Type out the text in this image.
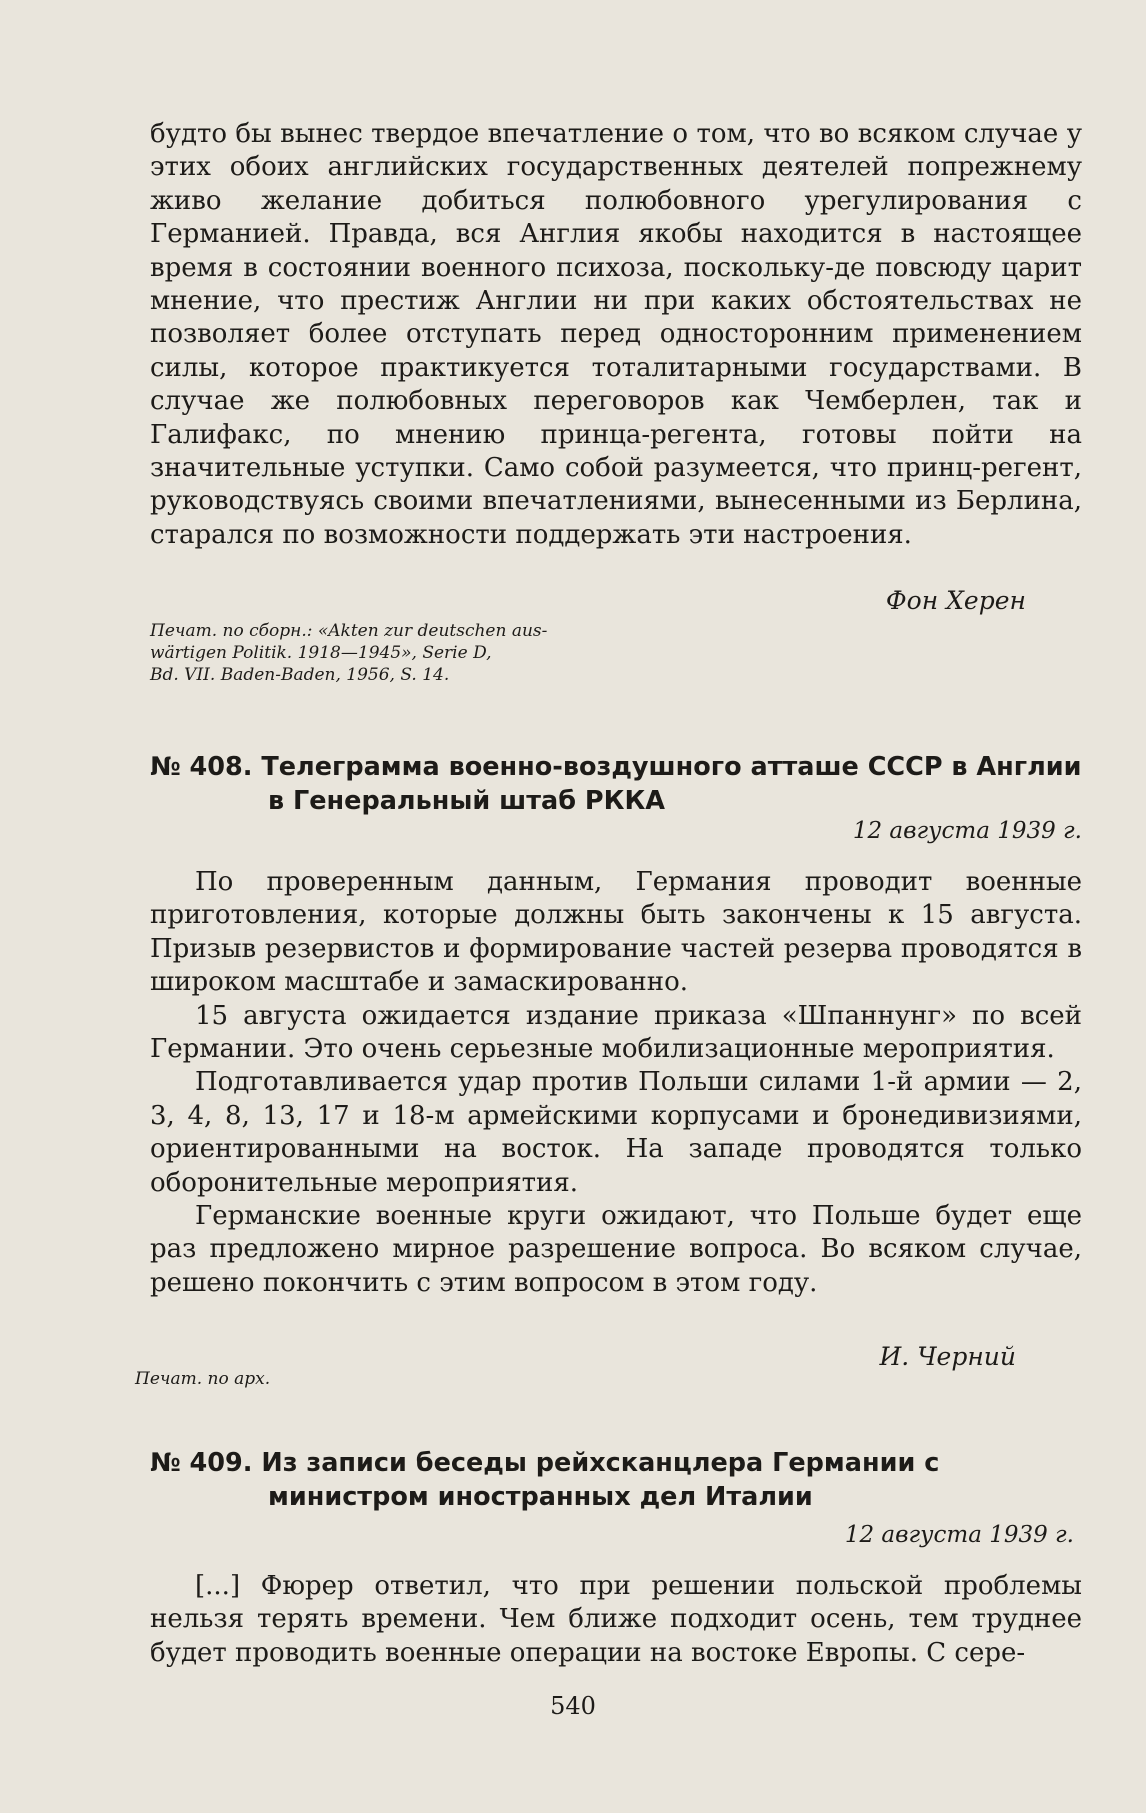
будто бы вынес твердое впечатление о том, что во всяком случае у этих обоих английских государственных деятелей попрежнему живо желание добиться полюбовного урегулирования с Германией. Правда, вся Англия якобы находится в настоящее время в состоянии военного психоза, поскольку-де повсюду царит мнение, что престиж Англии ни при каких обстоятельствах не позволяет более отступать перед односторонним применением силы, которое практикуется тоталитарными государствами. В случае же полюбовных переговоров как Чемберлен, так и Галифакс, по мнению принца-регента, готовы пойти на значительные уступки. Само собой разумеется, что принц-регент, руководствуясь своими впечатлениями, вынесенными из Берлина, старался по возможности поддержать эти настроения.

Фон Херен
Печат. по сборн.: «Akten zur deutschen aus-
wärtigen Politik. 1918—1945», Serie D,
Bd. VII. Baden-Baden, 1956, S. 14.
№ 408. Телеграмма военно-воздушного атташе СССР в Англии в Генеральный штаб РККА
12 августа 1939 г.

По проверенным данным, Германия проводит военные приготовления, которые должны быть закончены к 15 августа. Призыв резервистов и формирование частей резерва проводятся в широком масштабе и замаскированно.

15 августа ожидается издание приказа «Шпаннунг» по всей Германии. Это очень серьезные мобилизационные мероприятия.

Подготавливается удар против Польши силами 1-й армии — 2, 3, 4, 8, 13, 17 и 18-м армейскими корпусами и бронедивизиями, ориентированными на восток. На западе проводятся только оборонительные мероприятия.

Германские военные круги ожидают, что Польше будет еще раз предложено мирное разрешение вопроса. Во всяком случае, решено покончить с этим вопросом в этом году.

И. Черний
Печат. по арх.
№ 409. Из записи беседы рейхсканцлера Германии с министром иностранных дел Италии
12 августа 1939 г.

[...] Фюрер ответил, что при решении польской проблемы нельзя терять времени. Чем ближе подходит осень, тем труднее будет проводить военные операции на востоке Европы. С сере-

540
